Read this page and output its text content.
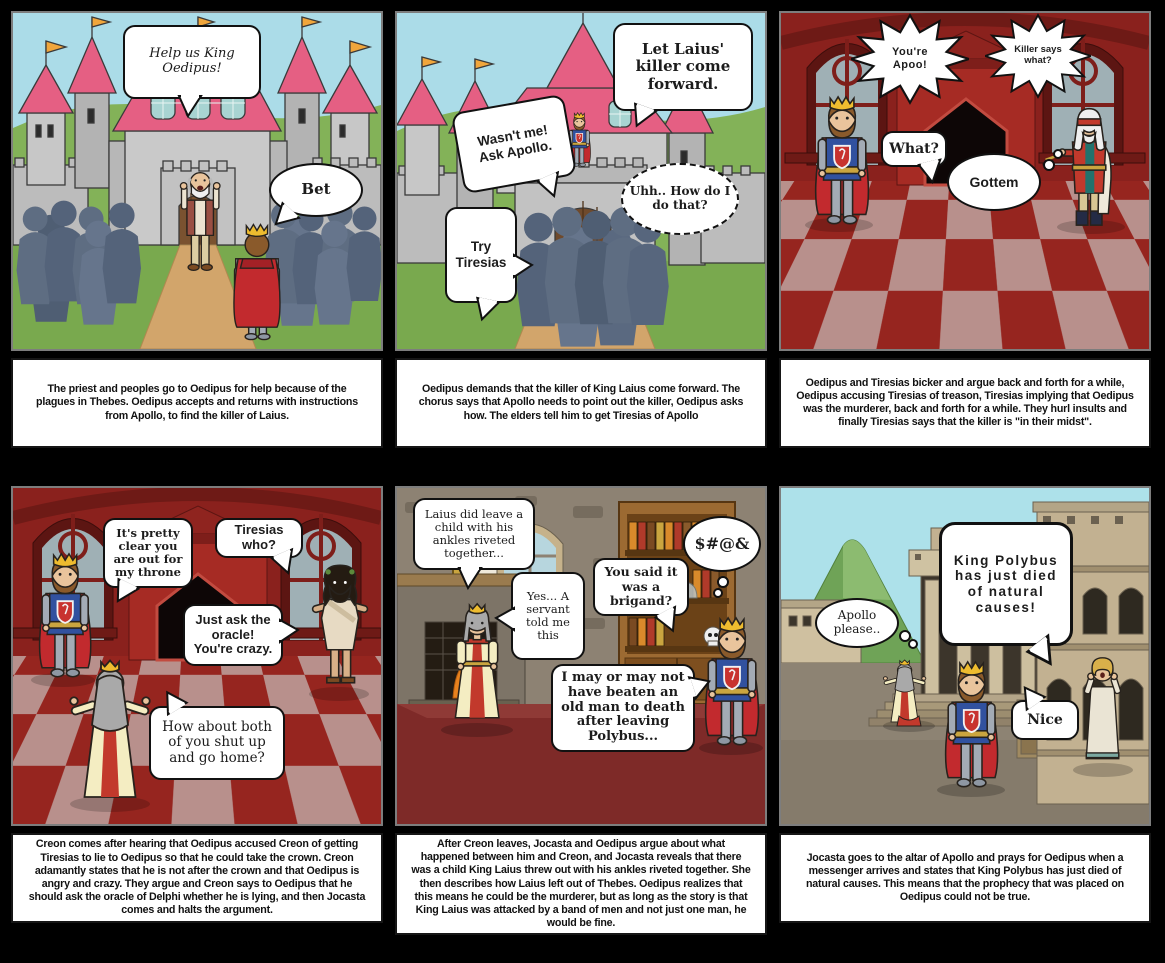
Help us King Oedipus!
Bet
The priest and peoples go to Oedipus for help because of the plagues in Thebes. Oedipus accepts and returns with instructions from Apollo, to find the killer of Laius.
Let Laius' killer come forward.
Wasn't me! Ask Apollo.
Uhh.. How do I do that?
Try Tiresias
Oedipus demands that the killer of King Laius come forward. The chorus says that Apollo needs to point out the killer, Oedipus asks how. The elders tell him to get Tiresias of Apollo
You're Apoo!
Killer says what?
What?
Gottem
Oedipus and Tiresias bicker and argue back and forth for a while, Oedipus accusing Tiresias of treason, Tiresias implying that Oedipus was the murderer, back and forth for a while. They hurl insults and finally Tiresias says that the killer is "in their midst".
It's pretty clear you are out for my throne
Tiresias who?
Just ask the oracle! You're crazy.
How about both of you shut up and go home?
Creon comes after hearing that Oedipus accused Creon of getting Tiresias to lie to Oedipus so that he could take the crown. Creon adamantly states that he is not after the crown and that Oedipus is angry and crazy. They argue and Creon says to Oedipus that he should ask the oracle of Delphi whether he is lying, and then Jocasta comes and halts the argument.
Laius did leave a child with his ankles riveted together...
Yes... A servant told me this
You said it was a brigand?
$#@&
I may or may not have beaten an old man to death after leaving Polybus...
After Creon leaves, Jocasta and Oedipus argue about what happened between him and Creon, and Jocasta reveals that there was a child King Laius threw out with his ankles riveted together. She then describes how Laius left out of Thebes. Oedipus realizes that this means he could be the murderer, but as long as the story is that King Laius was attacked by a band of men and not just one man, he would be fine.
Apollo please..
King Polybus has just died of natural causes!
Nice
Jocasta goes to the altar of Apollo and prays for Oedipus when a messenger arrives and states that King Polybus has just died of natural causes. This means that the prophecy that was placed on Oedipus could not be true.
